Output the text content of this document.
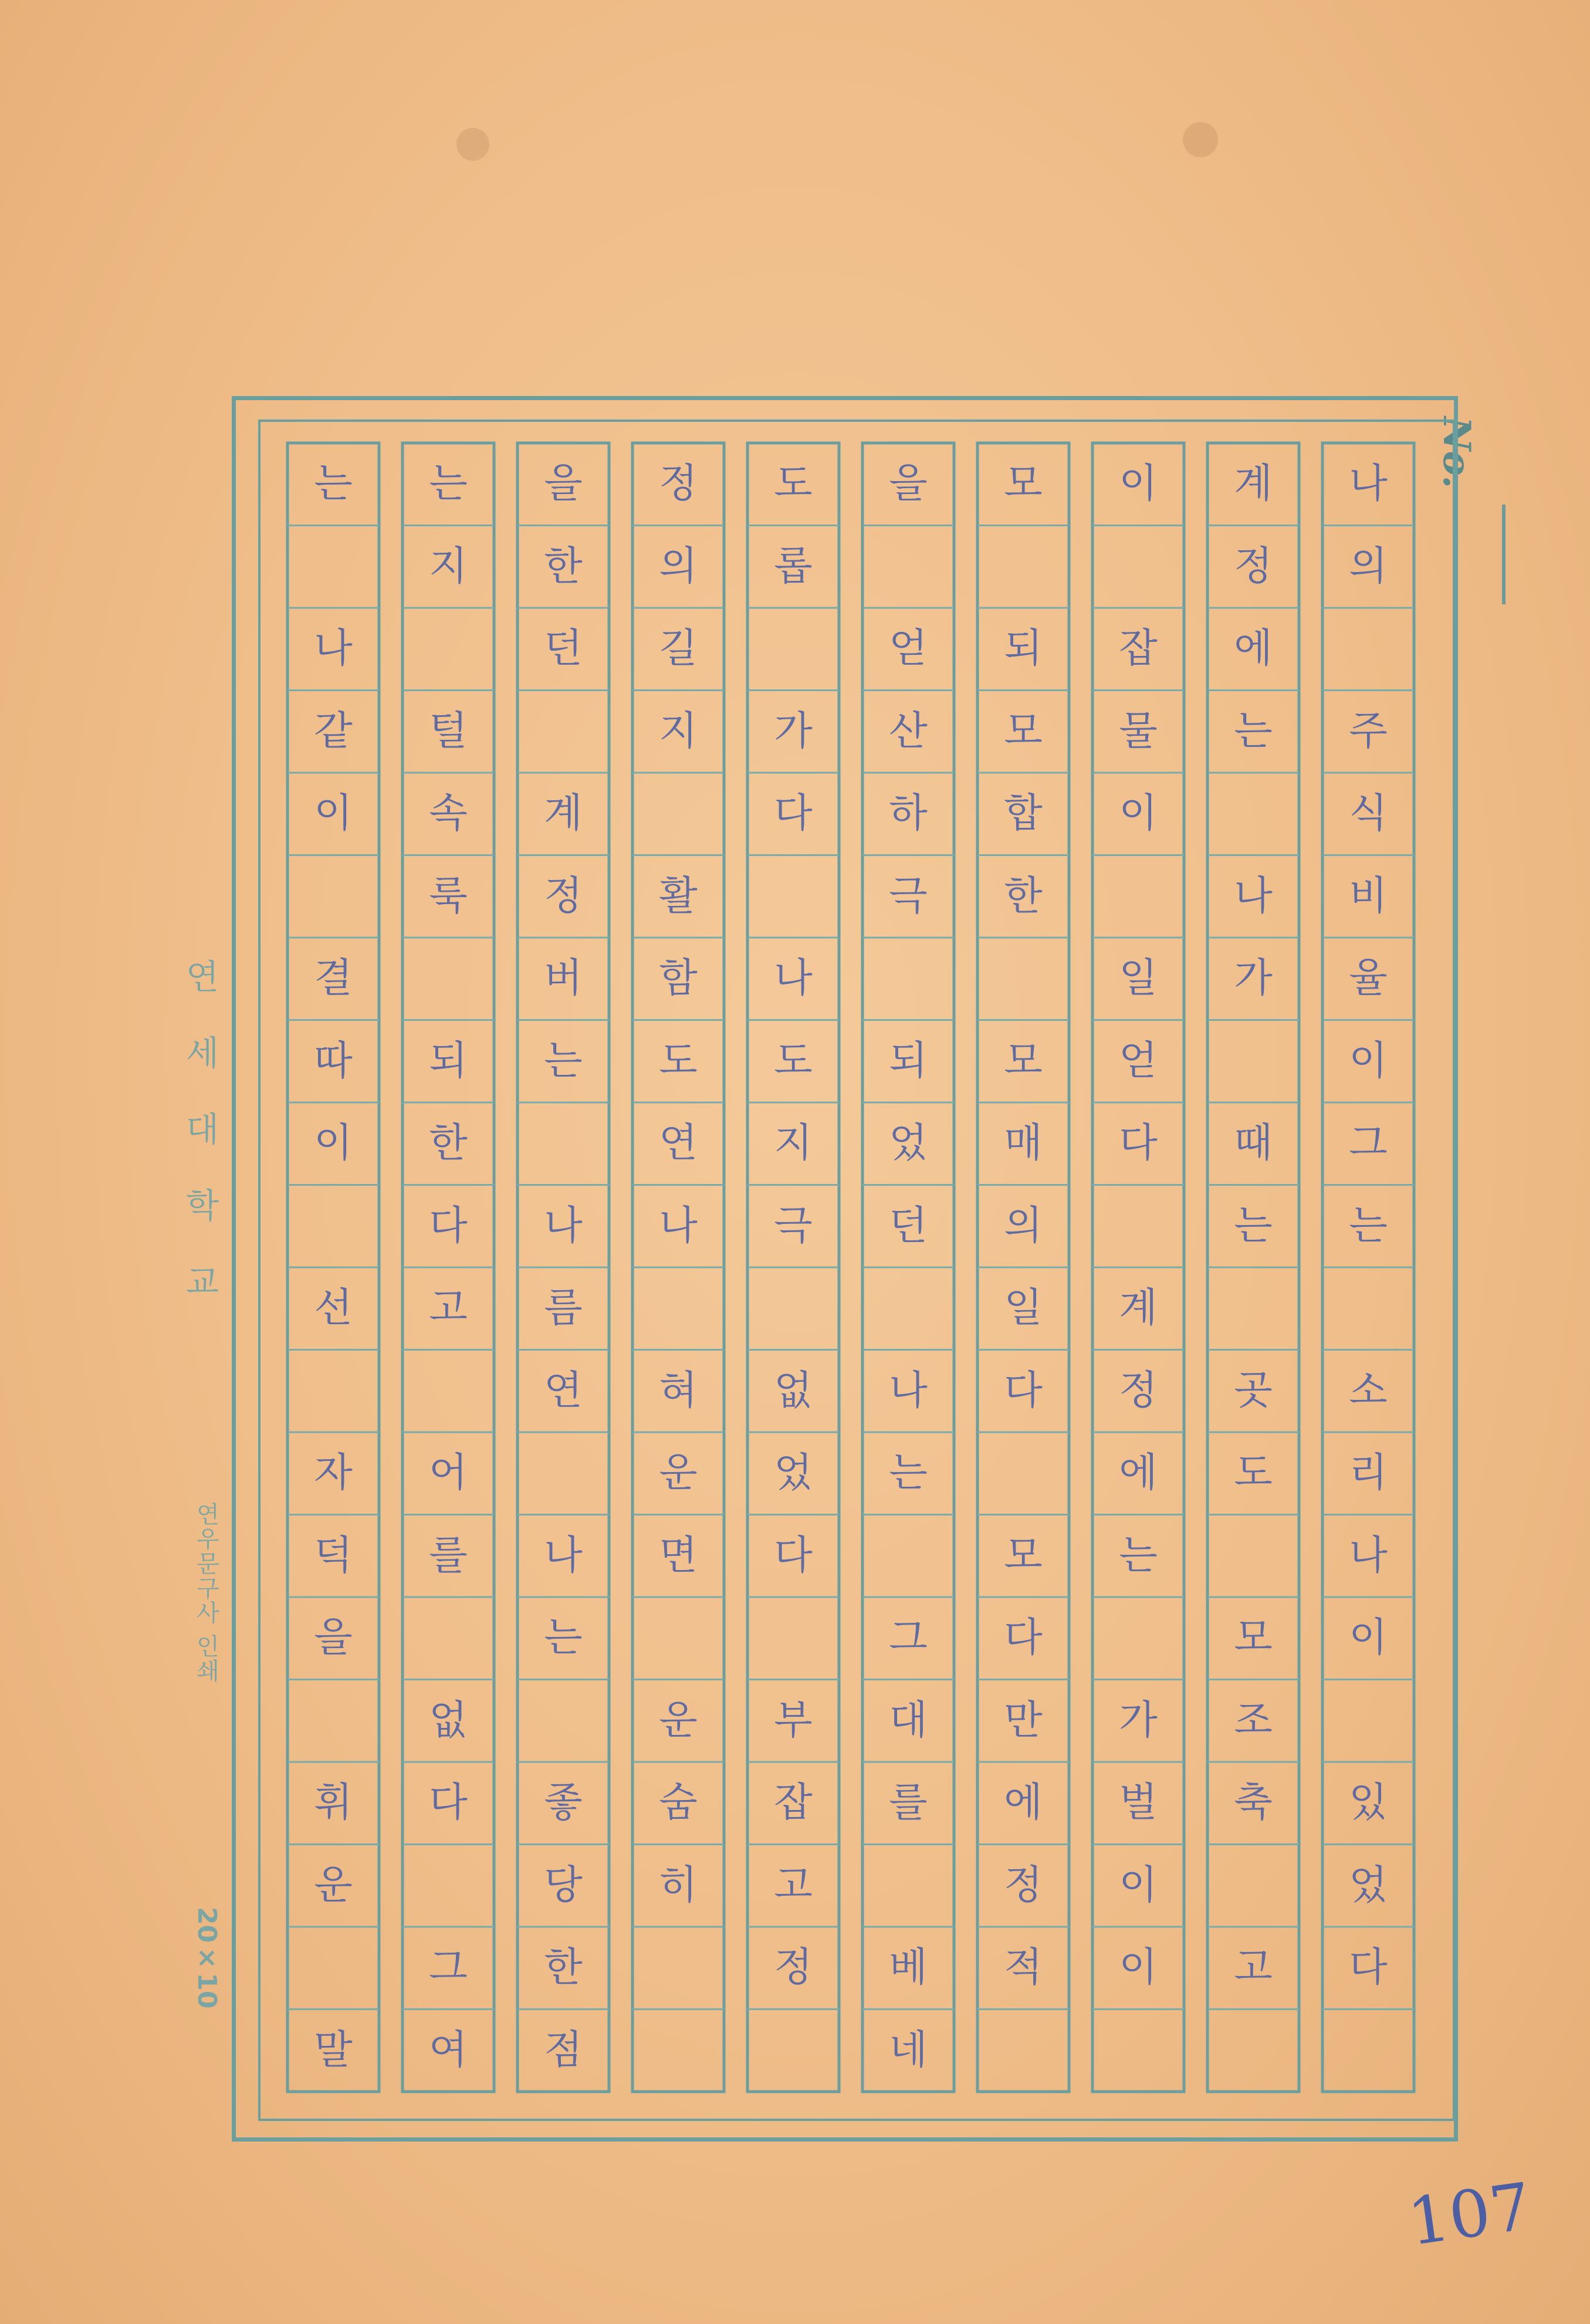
No.
나
의
주
식
비
율이
그
는
소
리
나
이
있
었
다
계
정
에
는
나
가
때
는
곳
도
모
조
축
고
이
잡
물
이
일
얻
다
계
정
에
는
가
벌
이
이
모
되
모
합
한
모
매
의
일
다
모
다
만
에
정
적
을
얻
산
하
극
되
었
던
나
는
그
대
를
베네
도
롭
가
다
나
도
지
극
없
었
다
부
잡
고
정
정
의
길
지
활
함
도
연
나
혀
운
면
운
숨
히
을
한
던
계
정
버
는
나
름
연
나
는
좋
당
한
점
는
지
털
속
룩
되
한
다
고
어
를
없
다
그
여
는
나
같
이
결
따
이
선
자
덕
을
휘
운
말
연
세
대
학
교
연우문구사 인쇄
20×10
107
